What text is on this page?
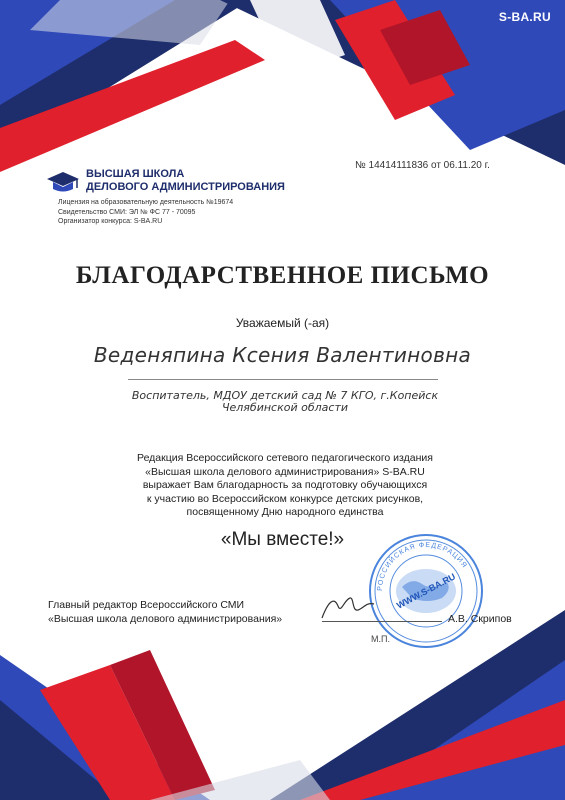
S-BA.RU
№ 14414111836 от 06.11.20 г.
ВЫСШАЯ ШКОЛА
ДЕЛОВОГО АДМИНИСТРИРОВАНИЯ
Лицензия на образовательную деятельность №19674
Свидетельство СМИ: ЭЛ № ФС 77 - 70095
Организатор конкурса: S-BA.RU
БЛАГОДАРСТВЕННОЕ ПИСЬМО
Уважаемый (-ая)
Веденяпина Ксения Валентиновна
Воспитатель, МДОУ детский сад № 7 КГО, г.Копейск
Челябинской области
Редакция Всероссийского сетевого педагогического издания
«Высшая школа делового администрирования» S-BA.RU
выражает Вам благодарность за подготовку обучающихся
к участию во Всероссийском конкурсе детских рисунков,
посвященному Дню народного единства
«Мы вместе!»
РОССИЙСКАЯ ФЕДЕРАЦИЯ
WWW.S-BA.RU
Главный редактор Всероссийского СМИ
«Высшая школа делового администрирования»	А.В. Скрипов
М.П.
